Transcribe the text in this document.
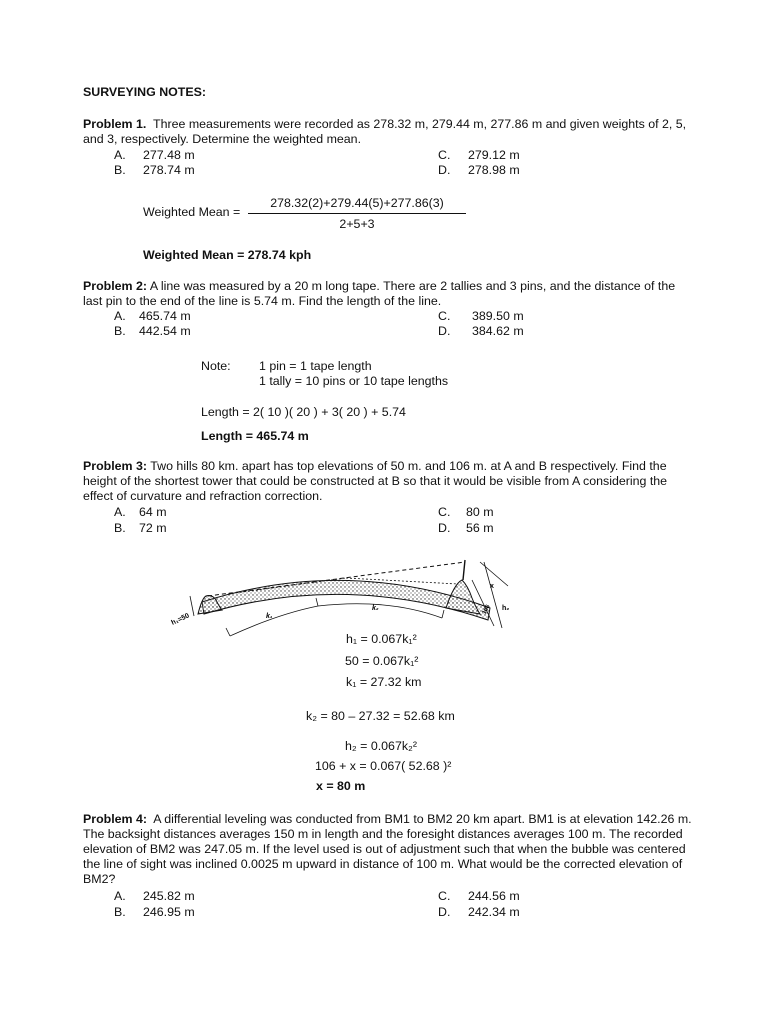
SURVEYING NOTES:
Problem 1. Three measurements were recorded as 278.32 m, 279.44 m, 277.86 m and given weights of 2, 5, and 3, respectively. Determine the weighted mean.
A. 277.48 m
B. 278.74 m
C. 279.12 m
D. 278.98 m
Weighted Mean =
278.32(2)+279.44(5)+277.86(3)
2+5+3
Weighted Mean = 278.74 kph
Problem 2: A line was measured by a 20 m long tape. There are 2 tallies and 3 pins, and the distance of the last pin to the end of the line is 5.74 m. Find the length of the line.
A. 465.74 m
B. 442.54 m
C. 389.50 m
D. 384.62 m
Note: 1 pin = 1 tape length
1 tally = 10 pins or 10 tape lengths
Length = 2( 10 )( 20 ) + 3( 20 ) + 5.74
Length = 465.74 m
Problem 3: Two hills 80 km. apart has top elevations of 50 m. and 106 m. at A and B respectively. Find the height of the shortest tower that could be constructed at B so that it would be visible from A considering the effect of curvature and refraction correction.
A. 64 m
B. 72 m
C. 80 m
D. 56 m
h₁=50	k₁
k₂
x
106 h₂
h₁ = 0.067k₁²
50 = 0.067k₁²
k₁ = 27.32 km
k₂ = 80 – 27.32 = 52.68 km
h₂ = 0.067k₂²
106 + x = 0.067( 52.68 )²
x = 80 m
Problem 4: A differential leveling was conducted from BM1 to BM2 20 km apart. BM1 is at elevation 142.26 m. The backsight distances averages 150 m in length and the foresight distances averages 100 m. The recorded elevation of BM2 was 247.05 m. If the level used is out of adjustment such that when the bubble was centered the line of sight was inclined 0.0025 m upward in distance of 100 m. What would be the corrected elevation of BM2?
A. 245.82 m
B. 246.95 m
C. 244.56 m
D. 242.34 m
